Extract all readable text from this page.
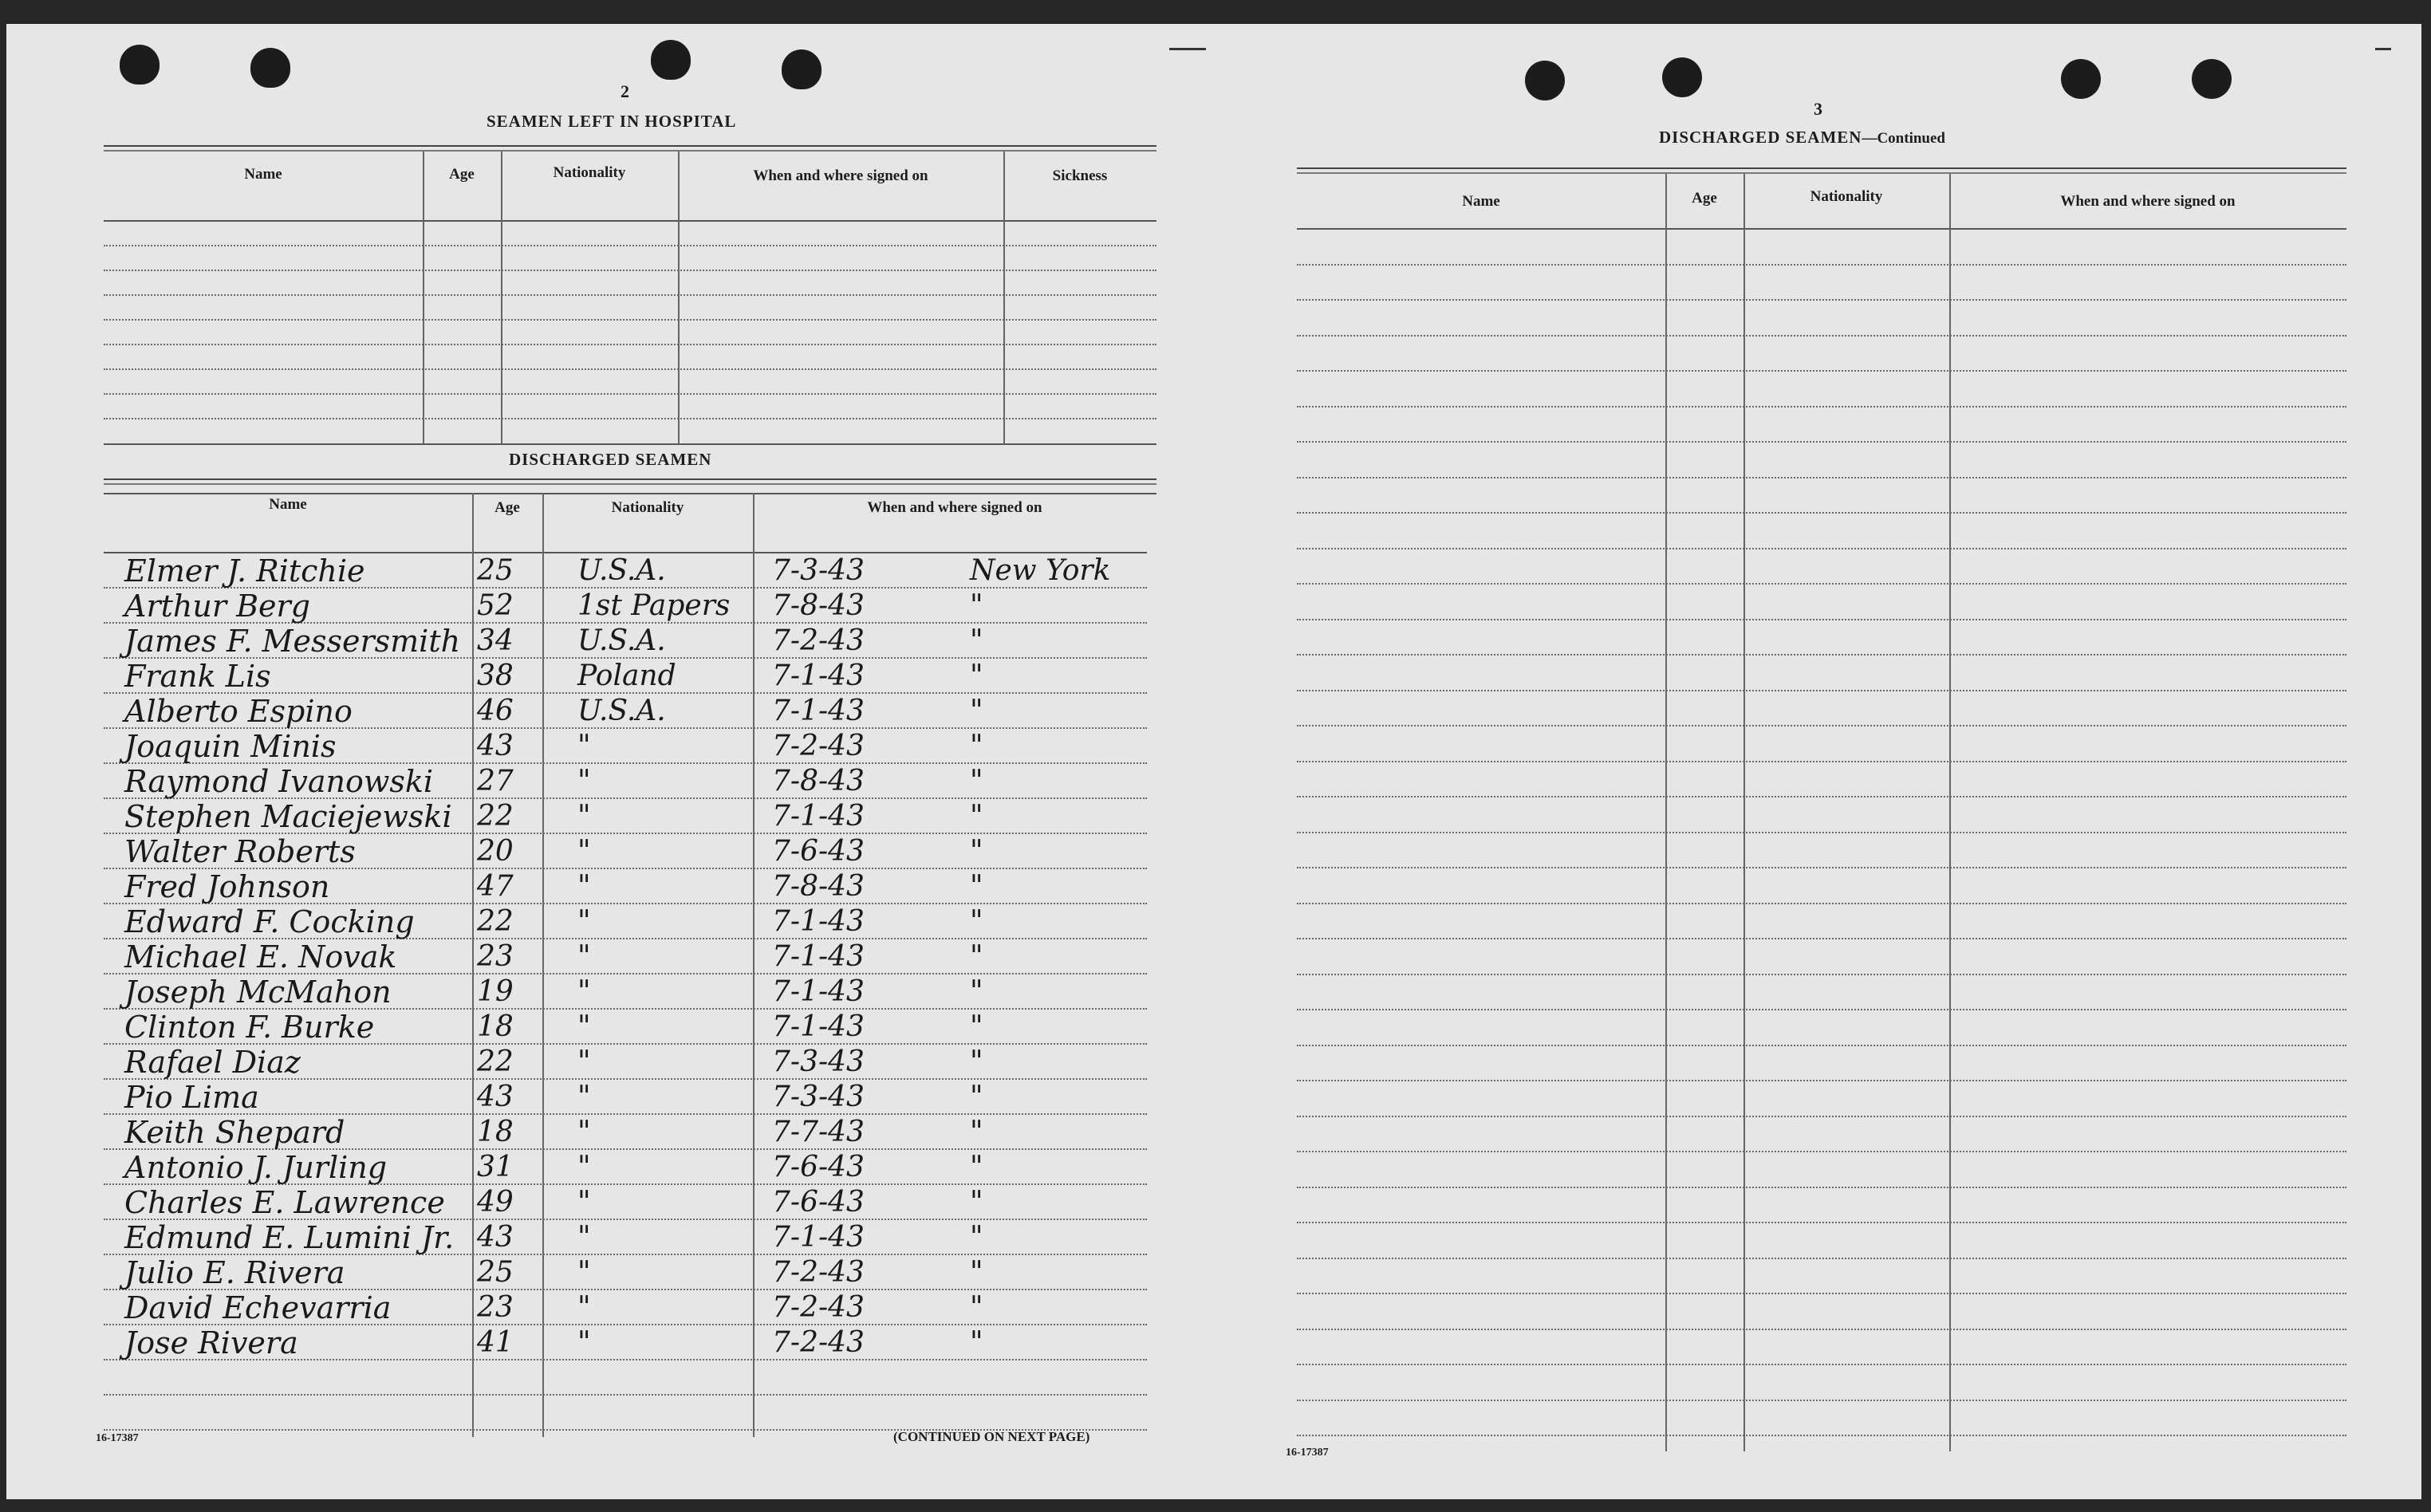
2
SEAMEN LEFT IN HOSPITAL
Name	Age	Nationality	When and where signed on	Sickness
DISCHARGED SEAMEN
Name	Age	Nationality	When and where signed on
Elmer J. Ritchie	25 U.S.A.	7-3-43	New York
Arthur Berg	52 1st Papers 7-8-43	"
James F. Messersmith 34 U.S.A.	7-2-43	"
Frank Lis	38 Poland	7-1-43	"
Alberto Espino	46 U.S.A.	7-1-43	"
Joaquin Minis	43 "	7-2-43	"
Raymond Ivanowski 27 "	7-8-43	"
Stephen Maciejewski 22 "	7-1-43	"
Walter Roberts	20 "	7-6-43	"
Fred Johnson	47 "	7-8-43	"
Edward F. Cocking 22 "	7-1-43	"
Michael E. Novak	23 "	7-1-43	"
Joseph McMahon	19 "	7-1-43	"
Clinton F. Burke	18 "	7-1-43	"
Rafael Diaz	22 "	7-3-43	"
Pio Lima	43 "	7-3-43	"
Keith Shepard	18 "	7-7-43	"
Antonio J. Jurling	31 "	7-6-43	"
Charles E. Lawrence 49 "	7-6-43	"
Edmund E. Lumini Jr. 43 "	7-1-43	"
Julio E. Rivera	25 "	7-2-43	"
David Echevarria	23 "	7-2-43	"
Jose Rivera	41 "	7-2-43	"
16-17387	(CONTINUED ON NEXT PAGE)
3
DISCHARGED SEAMEN—Continued
Name	Age	Nationality	When and where signed on
16-17387
